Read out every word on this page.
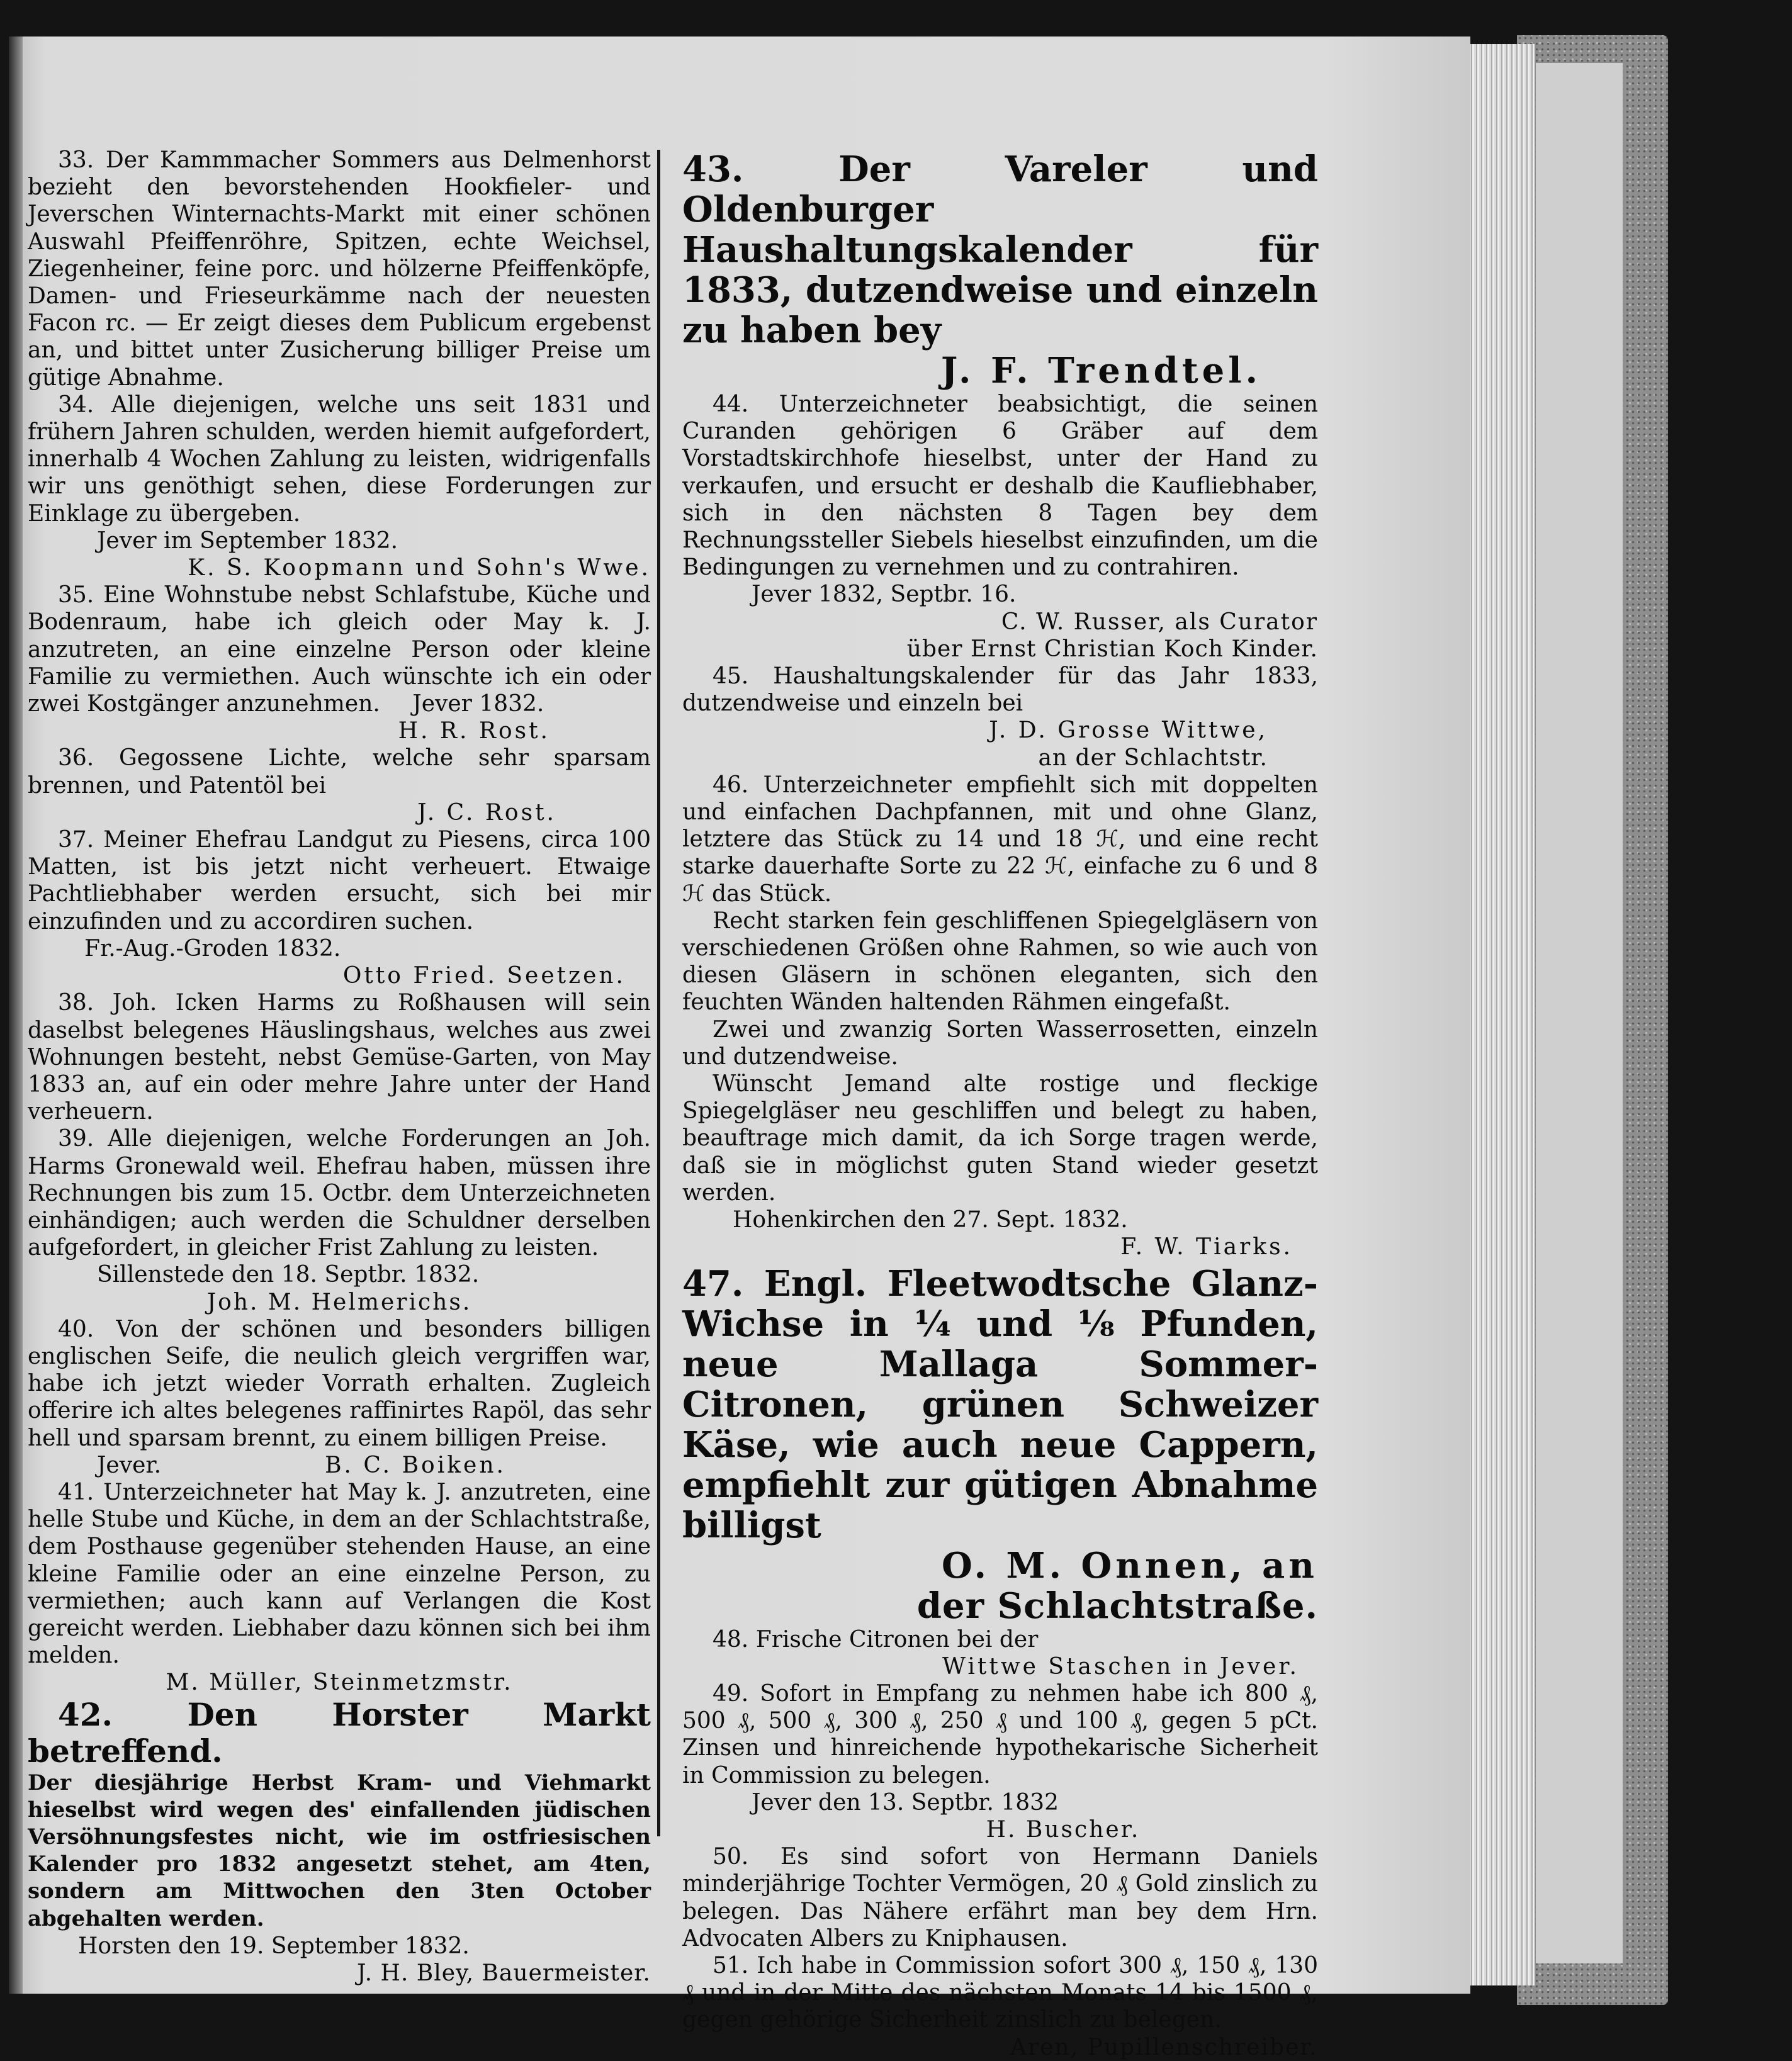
33. Der Kammmacher Sommers aus Delmenhorst bezieht den bevorstehenden Hookfieler- und Jeverschen Winternachts-Markt mit einer schönen Auswahl Pfeiffenröhre, Spitzen, echte Weichsel, Ziegenheiner, feine porc. und hölzerne Pfeiffenköpfe, Damen- und Frieseurkämme nach der neuesten Facon rc. — Er zeigt dieses dem Publicum ergebenst an, und bittet unter Zusicherung billiger Preise um gütige Abnahme.

34. Alle diejenigen, welche uns seit 1831 und frühern Jahren schulden, werden hiemit aufgefordert, innerhalb 4 Wochen Zahlung zu leisten, widrigenfalls wir uns genöthigt sehen, diese Forderungen zur Einklage zu übergeben.

Jever im September 1832.

K. S. Koopmann und Sohn's Wwe.

35. Eine Wohnstube nebst Schlafstube, Küche und Bodenraum, habe ich gleich oder May k. J. anzutreten, an eine einzelne Person oder kleine Familie zu vermiethen. Auch wünschte ich ein oder zwei Kostgänger anzunehmen. Jever 1832.

H. R. Rost.

36. Gegossene Lichte, welche sehr sparsam brennen, und Patentöl bei

J. C. Rost.

37. Meiner Ehefrau Landgut zu Piesens, circa 100 Matten, ist bis jetzt nicht verheuert. Etwaige Pachtliebhaber werden ersucht, sich bei mir einzufinden und zu accordiren suchen.

Fr.-Aug.-Groden 1832.

Otto Fried. Seetzen.

38. Joh. Icken Harms zu Roßhausen will sein daselbst belegenes Häuslingshaus, welches aus zwei Wohnungen besteht, nebst Gemüse-Garten, von May 1833 an, auf ein oder mehre Jahre unter der Hand verheuern.

39. Alle diejenigen, welche Forderungen an Joh. Harms Gronewald weil. Ehefrau haben, müssen ihre Rechnungen bis zum 15. Octbr. dem Unterzeichneten einhändigen; auch werden die Schuldner derselben aufgefordert, in gleicher Frist Zahlung zu leisten.

Sillenstede den 18. Septbr. 1832.

Joh. M. Helmerichs.

40. Von der schönen und besonders billigen englischen Seife, die neulich gleich vergriffen war, habe ich jetzt wieder Vorrath erhalten. Zugleich offerire ich altes belegenes raffinirtes Rapöl, das sehr hell und sparsam brennt, zu einem billigen Preise.

Jever.	B. C. Boiken.

41. Unterzeichneter hat May k. J. anzutreten, eine helle Stube und Küche, in dem an der Schlachtstraße, dem Posthause gegenüber stehenden Hause, an eine kleine Familie oder an eine einzelne Person, zu vermiethen; auch kann auf Verlangen die Kost gereicht werden. Liebhaber dazu können sich bei ihm melden.

M. Müller, Steinmetzmstr.

42. Den Horster Markt betreffend.

Der diesjährige Herbst Kram- und Viehmarkt hieselbst wird wegen des' einfallenden jüdischen Versöhnungsfestes nicht, wie im ostfriesischen Kalender pro 1832 angesetzt stehet, am 4ten, sondern am Mittwochen den 3ten October abgehalten werden.

Horsten den 19. September 1832.

J. H. Bley, Bauermeister.

43.	Der Vareler und Oldenburger Haushaltungskalender für 1833, dutzendweise und einzeln zu haben bey

J. F. Trendtel.

44. Unterzeichneter beabsichtigt, die seinen Curanden gehörigen 6 Gräber auf dem Vorstadtskirchhofe hieselbst, unter der Hand zu verkaufen, und ersucht er deshalb die Kaufliebhaber, sich in den nächsten 8 Tagen bey dem Rechnungssteller Siebels hieselbst einzufinden, um die Bedingungen zu vernehmen und zu contrahiren.

Jever 1832, Septbr. 16.

C. W. Russer, als Curator

über Ernst Christian Koch Kinder.

45. Haushaltungskalender für das Jahr 1833, dutzendweise und einzeln bei

J. D. Grosse Wittwe,

an der Schlachtstr.

46. Unterzeichneter empfiehlt sich mit doppelten und einfachen Dachpfannen, mit und ohne Glanz, letztere das Stück zu 14 und 18 ℋ, und eine recht starke dauerhafte Sorte zu 22 ℋ, einfache zu 6 und 8 ℋ das Stück.

Recht starken fein geschliffenen Spiegelgläsern von verschiedenen Größen ohne Rahmen, so wie auch von diesen Gläsern in schönen eleganten, sich den feuchten Wänden haltenden Rähmen eingefaßt.

Zwei und zwanzig Sorten Wasserrosetten, einzeln und dutzendweise.

Wünscht Jemand alte rostige und fleckige Spiegelgläser neu geschliffen und belegt zu haben, beauftrage mich damit, da ich Sorge tragen werde, daß sie in möglichst guten Stand wieder gesetzt werden.

Hohenkirchen den 27. Sept. 1832.

F. W. Tiarks.

47. Engl. Fleetwodtsche Glanz-Wichse in ¼ und ⅛ Pfunden, neue Mallaga Sommer-Citronen, grünen Schweizer Käse, wie auch neue Cappern, empfiehlt zur gütigen Abnahme billigst

O. M. Onnen, an

der Schlachtstraße.

48. Frische Citronen bei der

Wittwe Staschen in Jever.

49. Sofort in Empfang zu nehmen habe ich 800 ₰, 500 ₰, 500 ₰, 300 ₰, 250 ₰ und 100 ₰, gegen 5 pCt. Zinsen und hinreichende hypothekarische Sicherheit in Commission zu belegen.

Jever den 13. Septbr. 1832

H. Buscher.

50. Es sind sofort von Hermann Daniels minderjährige Tochter Vermögen, 20 ₰ Gold zinslich zu belegen. Das Nähere erfährt man bey dem Hrn. Advocaten Albers zu Kniphausen.

51. Ich habe in Commission sofort 300 ₰, 150 ₰, 130 ₰ und in der Mitte des nächsten Monats 14 bis 1500 ₰, gegen gehörige Sicherheit zinslich zu belegen.

Aren, Pupillenschreiber.
